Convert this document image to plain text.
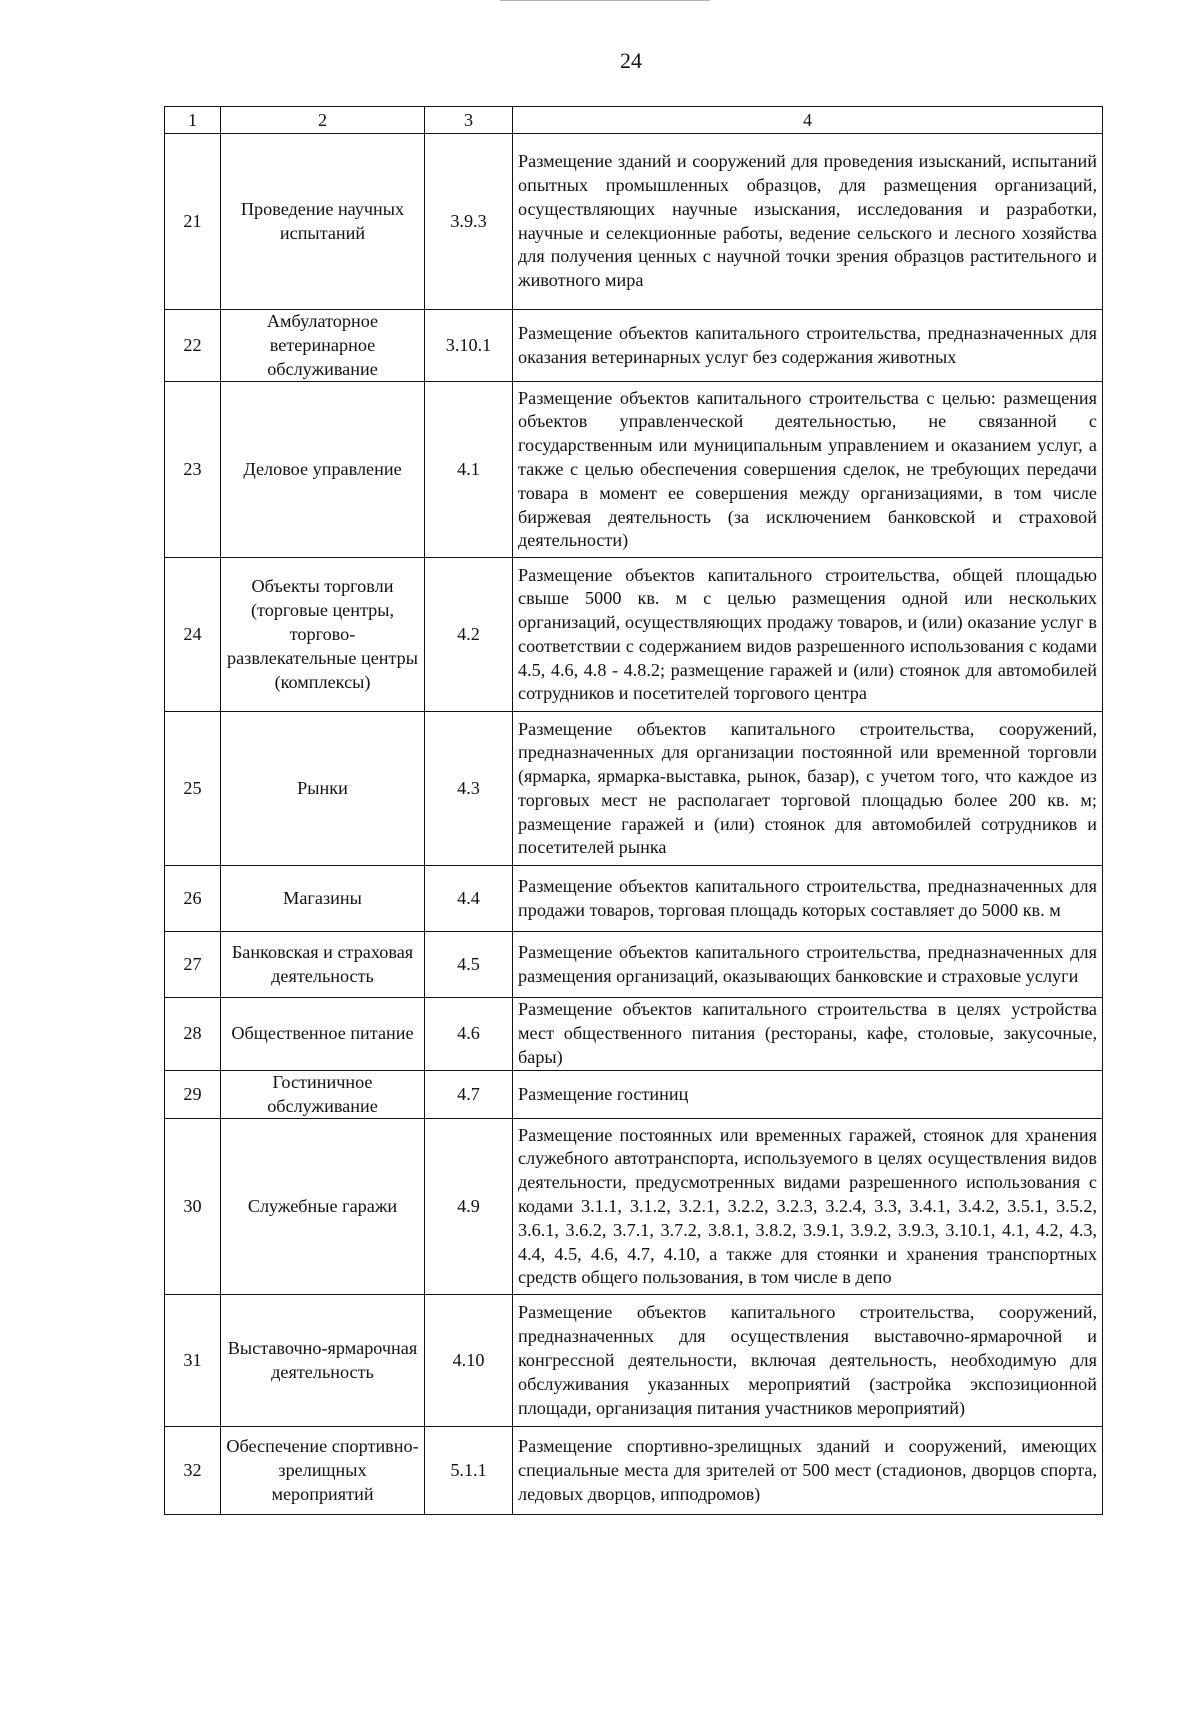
24
1	2	3	4
21	Проведение научных испытаний	3.9.3	Размещение зданий и сооружений для проведения изысканий, испытаний опытных промышленных образцов, для размещения организаций, осуществляющих научные изыскания, исследования и разработки, научные и селекционные работы, ведение сельского и лесного хозяйства для получения ценных с научной точки зрения образцов растительного и животного мира
22	Амбулаторное ветеринарное обслуживание	3.10.1	Размещение объектов капитального строительства, предназначенных для оказания ветеринарных услуг без содержания животных
23	Деловое управление	4.1	Размещение объектов капитального строительства с целью: размещения объектов управленческой деятельностью, не связанной с государственным или муниципальным управлением и оказанием услуг, а также с целью обеспечения совершения сделок, не требующих передачи товара в момент ее совершения между организациями, в том числе биржевая деятельность (за исключением банковской и страховой деятельности)
24	Объекты торговли (торговые центры, торгово-развлекательные центры (комплексы)	4.2	Размещение объектов капитального строительства, общей площадью свыше 5000 кв. м с целью размещения одной или нескольких организаций, осуществляющих продажу товаров, и (или) оказание услуг в соответствии с содержанием видов разрешенного использования с кодами 4.5, 4.6, 4.8 - 4.8.2; размещение гаражей и (или) стоянок для автомобилей сотрудников и посетителей торгового центра
25	Рынки	4.3	Размещение объектов капитального строительства, сооружений, предназначенных для организации постоянной или временной торговли (ярмарка, ярмарка-выставка, рынок, базар), с учетом того, что каждое из торговых мест не располагает торговой площадью более 200 кв. м; размещение гаражей и (или) стоянок для автомобилей сотрудников и посетителей рынка
26	Магазины	4.4	Размещение объектов капитального строительства, предназначенных для продажи товаров, торговая площадь которых составляет до 5000 кв. м
27	Банковская и страховая деятельность	4.5	Размещение объектов капитального строительства, предназначенных для размещения организаций, оказывающих банковские и страховые услуги
28	Общественное питание	4.6	Размещение объектов капитального строительства в целях устройства мест общественного питания (рестораны, кафе, столовые, закусочные, бары)
29	Гостиничное обслуживание	4.7	Размещение гостиниц
30	Служебные гаражи	4.9	Размещение постоянных или временных гаражей, стоянок для хранения служебного автотранспорта, используемого в целях осуществления видов деятельности, предусмотренных видами разрешенного использования с кодами 3.1.1, 3.1.2, 3.2.1, 3.2.2, 3.2.3, 3.2.4, 3.3, 3.4.1, 3.4.2, 3.5.1, 3.5.2, 3.6.1, 3.6.2, 3.7.1, 3.7.2, 3.8.1, 3.8.2, 3.9.1, 3.9.2, 3.9.3, 3.10.1, 4.1, 4.2, 4.3, 4.4, 4.5, 4.6, 4.7, 4.10, а также для стоянки и хранения транспортных средств общего пользования, в том числе в депо
31	Выставочно-ярмарочная деятельность	4.10	Размещение объектов капитального строительства, сооружений, предназначенных для осуществления выставочно-ярмарочной и конгрессной деятельности, включая деятельность, необходимую для обслуживания указанных мероприятий (застройка экспозиционной площади, организация питания участников мероприятий)
32	Обеспечение спортивно-зрелищных мероприятий	5.1.1	Размещение спортивно-зрелищных зданий и сооружений, имеющих специальные места для зрителей от 500 мест (стадионов, дворцов спорта, ледовых дворцов, ипподромов)
